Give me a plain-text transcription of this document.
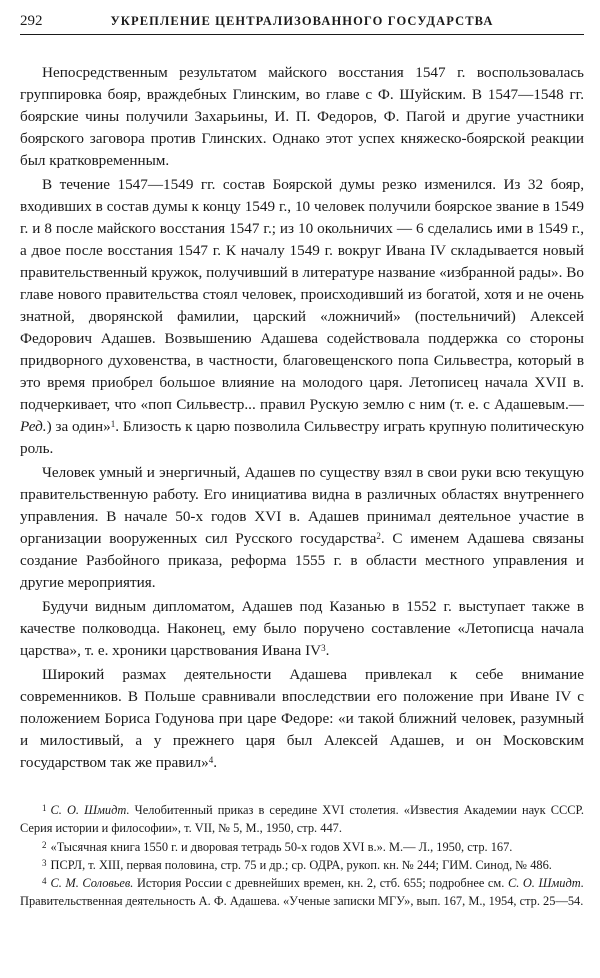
292	УКРЕПЛЕНИЕ ЦЕНТРАЛИЗОВАННОГО ГОСУДАРСТВА

Непосредственным результатом майского восстания 1547 г. воспользовалась группировка бояр, враждебных Глинским, во главе с Ф. Шуйским. В 1547—1548 гг. боярские чины получили Захарьины, И. П. Федоров, Ф. Пагой и другие участники боярского заговора против Глинских. Однако этот успех княжеско-боярской реакции был кратковременным.

В течение 1547—1549 гг. состав Боярской думы резко изменился. Из 32 бояр, входивших в состав думы к концу 1549 г., 10 человек получили боярское звание в 1549 г. и 8 после майского восстания 1547 г.; из 10 окольничих — 6 сделались ими в 1549 г., а двое после восстания 1547 г. К началу 1549 г. вокруг Ивана IV складывается новый правительственный кружок, получивший в литературе название «избранной рады». Во главе нового правительства стоял человек, происходивший из богатой, хотя и не очень знатной, дворянской фамилии, царский «ложничий» (постельничий) Алексей Федорович Адашев. Возвышению Адашева содействовала поддержка со стороны придворного духовенства, в частности, благовещенского попа Сильвестра, который в это время приобрел большое влияние на молодого царя. Летописец начала XVII в. подчеркивает, что «поп Сильвестр... правил Рускую землю с ним (т. е. с Адашевым.—Ред.) за один»$^1$. Близость к царю позволила Сильвестру играть крупную политическую роль.

Человек умный и энергичный, Адашев по существу взял в свои руки всю текущую правительственную работу. Его инициатива видна в различных областях внутреннего управления. В начале 50-х годов XVI в. Адашев принимал деятельное участие в организации вооруженных сил Русского государства$^2$. С именем Адашева связаны создание Разбойного приказа, реформа 1555 г. в области местного управления и другие мероприятия.

Будучи видным дипломатом, Адашев под Казанью в 1552 г. выступает также в качестве полководца. Наконец, ему было поручено составление «Летописца начала царства», т. е. хроники царствования Ивана $IV^3$.

Широкий размах деятельности Адашева привлекал к себе внимание современников. В Польше сравнивали впоследствии его положение при Иване IV с положением Бориса Годунова при царе Федоре: «и такой ближний человек, разумный и милостивый, а у прежнего царя был Алексей Адашев, и он Московским государством так же правил»$^4$.

$^1$ С. О. Шмидт. Челобитенный приказ в середине XVI столетия. «Известия Академии наук СССР. Серия истории и философии», т. VII, № 5, М., 1950, стр. 447.

$^2$ «Тысячная книга 1550 г. и дворовая тетрадь 50-х годов XVI в.». М.— Л., 1950, стр. 167.

$^3$ ПСРЛ, т. XIII, первая половина, стр. 75 и др.; ср. ОДРА, рукоп. кн. № 244; ГИМ. Синод, № 486.

$^4$ С. М. Соловьев. История России с древнейших времен, кн. 2, стб. 655; подробнее см. С. О. Шмидт. Правительственная деятельность А. Ф. Адашева. «Ученые записки МГУ», вып. 167, М., 1954, стр. 25—54.
